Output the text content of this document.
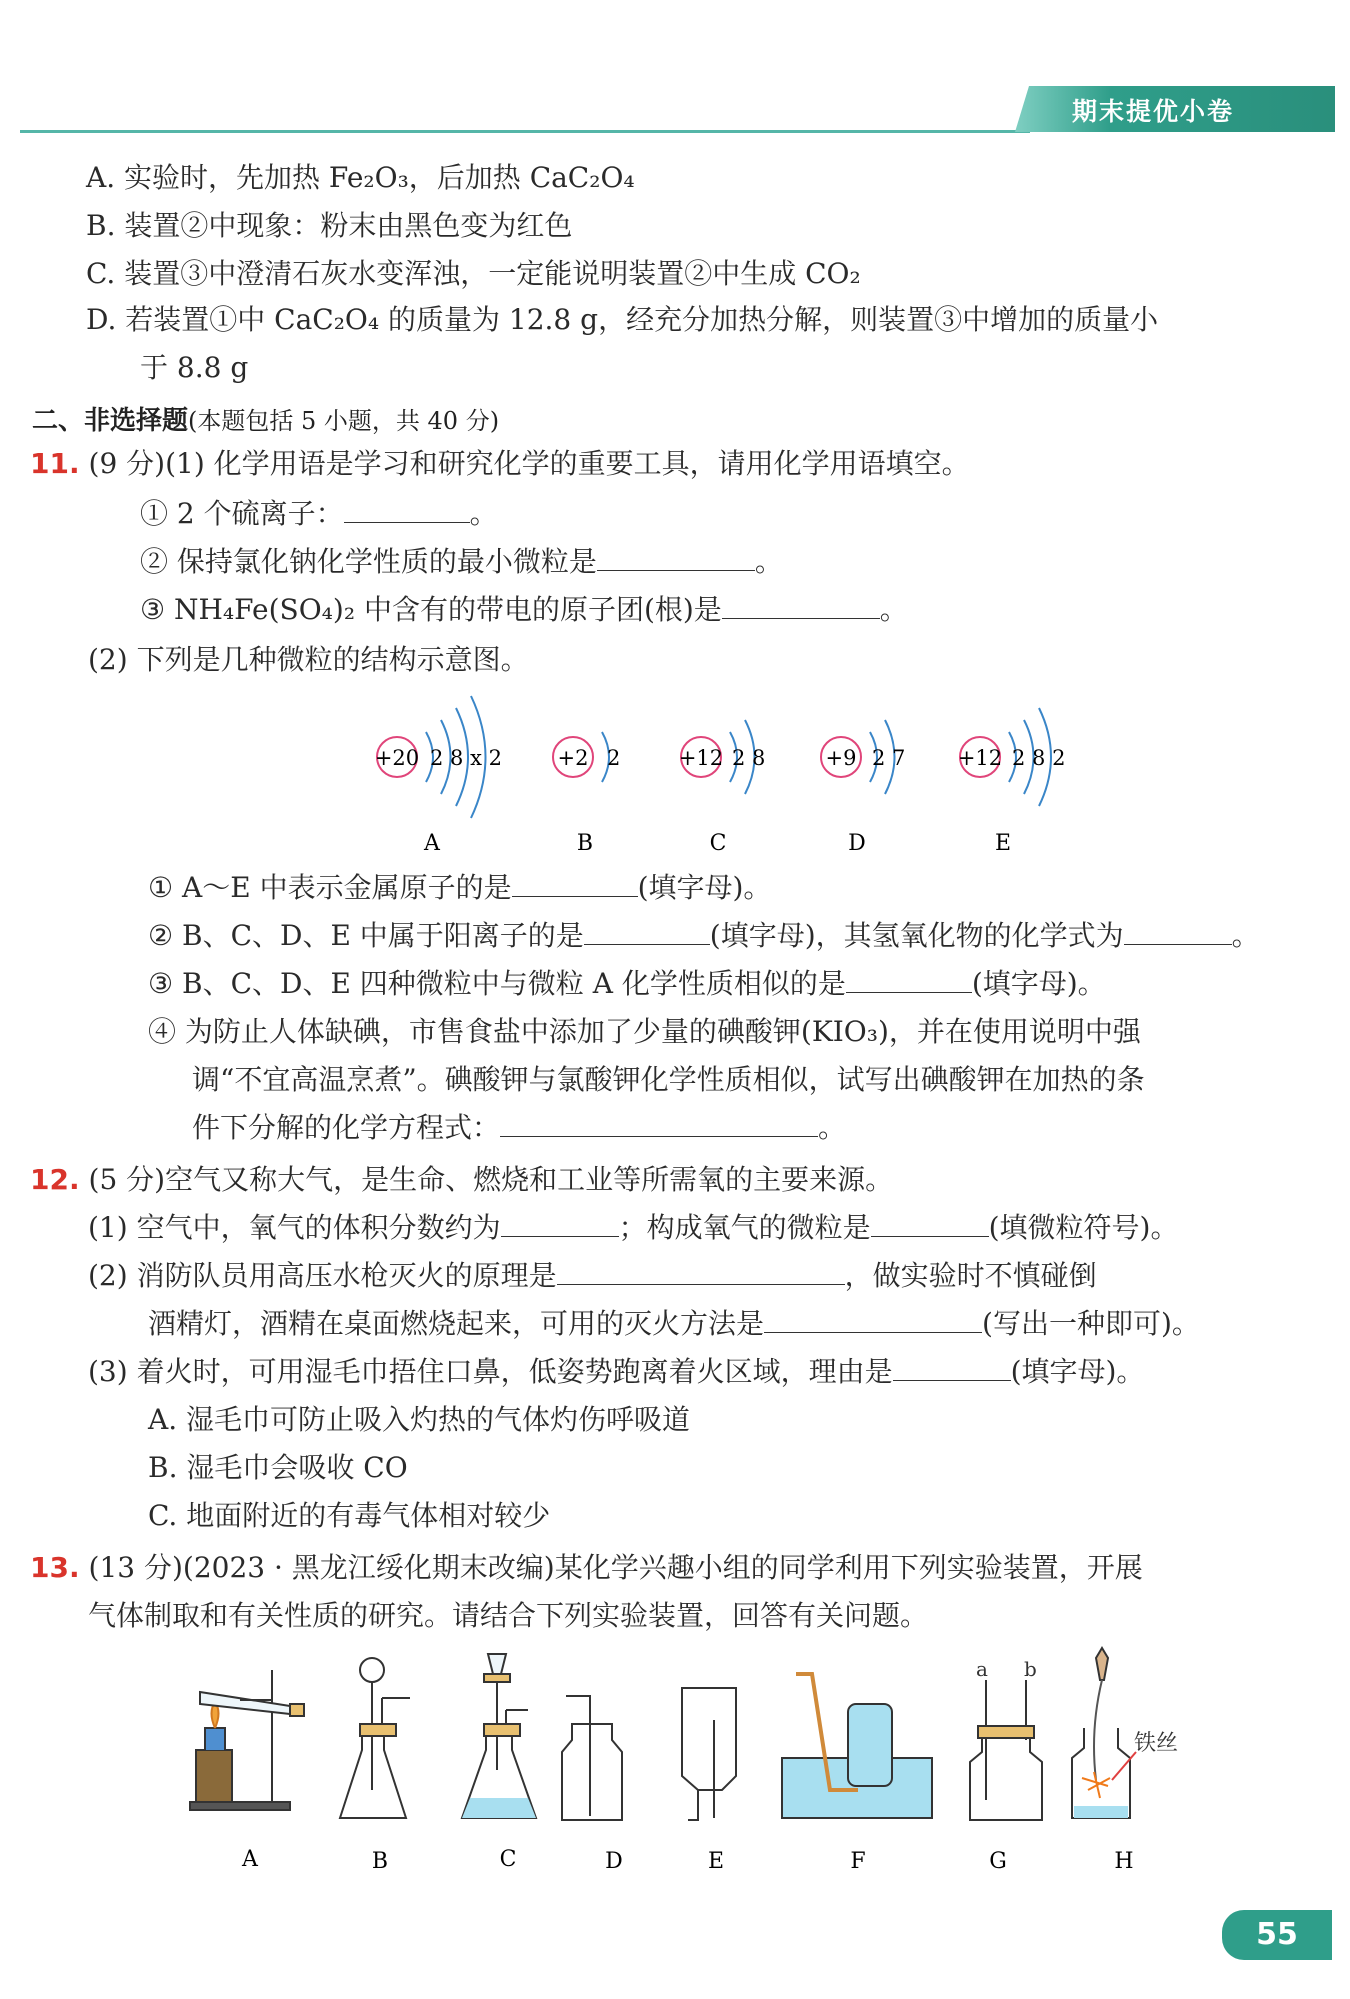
期末提优小卷
A. 实验时，先加热 Fe₂O₃，后加热 CaC₂O₄
B. 装置②中现象：粉末由黑色变为红色
C. 装置③中澄清石灰水变浑浊，一定能说明装置②中生成 CO₂
D. 若装置①中 CaC₂O₄ 的质量为 12.8 g，经充分加热分解，则装置③中增加的质量小
于 8.8 g
二、非选择题(本题包括 5 小题，共 40 分)
11. (9 分)(1) 化学用语是学习和研究化学的重要工具，请用化学用语填空。
① 2 个硫离子：	。
② 保持氯化钠化学性质的最小微粒是	。
③ NH₄Fe(SO₄)₂ 中含有的带电的原子团(根)是	。
(2) 下列是几种微粒的结构示意图。
+20 2 8 x 2	+2 2	+12 2 8	+9 2 7 +12 2 8 2
A	B	C	D	E
① A～E 中表示金属原子的是	(填字母)。
② B、C、D、E 中属于阳离子的是	(填字母)，其氢氧化物的化学式为	。
③ B、C、D、E 四种微粒中与微粒 A 化学性质相似的是	(填字母)。
④ 为防止人体缺碘，市售食盐中添加了少量的碘酸钾(KIO₃)，并在使用说明中强
调“不宜高温烹煮”。碘酸钾与氯酸钾化学性质相似，试写出碘酸钾在加热的条
件下分解的化学方程式：	。
12. (5 分)空气又称大气，是生命、燃烧和工业等所需氧的主要来源。
(1) 空气中，氧气的体积分数约为	；构成氧气的微粒是	(填微粒符号)。
(2) 消防队员用高压水枪灭火的原理是	，做实验时不慎碰倒
酒精灯，酒精在桌面燃烧起来，可用的灭火方法是	(写出一种即可)。
(3) 着火时，可用湿毛巾捂住口鼻，低姿势跑离着火区域，理由是	(填字母)。
A. 湿毛巾可防止吸入灼热的气体灼伤呼吸道
B. 湿毛巾会吸收 CO
C. 地面附近的有毒气体相对较少
13. (13 分)(2023 · 黑龙江绥化期末改编)某化学兴趣小组的同学利用下列实验装置，开展
气体制取和有关性质的研究。请结合下列实验装置，回答有关问题。
a b
铁丝
A	B	C	D	E	F	G	H
55
